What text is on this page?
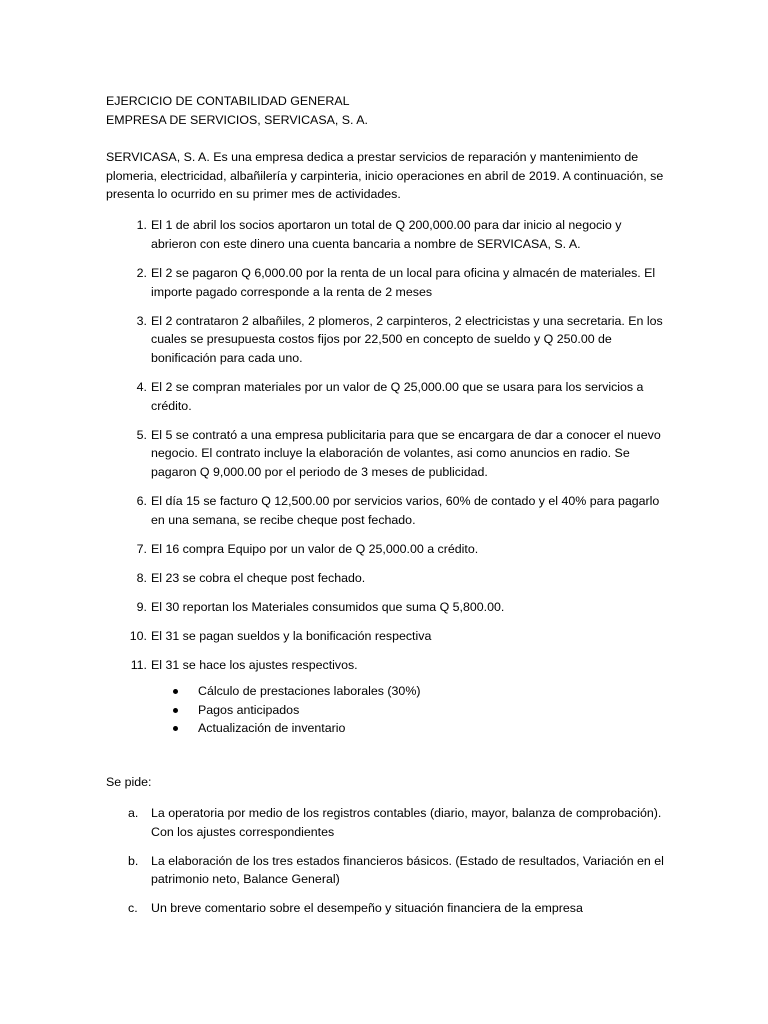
EJERCICIO DE CONTABILIDAD GENERAL

EMPRESA DE SERVICIOS, SERVICASA, S. A.

SERVICASA, S. A. Es una empresa dedica a prestar servicios de reparación y mantenimiento de plomeria, electricidad, albañilería y carpinteria, inicio operaciones en abril de 2019. A continuación, se presenta lo ocurrido en su primer mes de actividades.

1. El 1 de abril los socios aportaron un total de Q 200,000.00 para dar inicio al negocio y abrieron con este dinero una cuenta bancaria a nombre de SERVICASA, S. A.
2. El 2 se pagaron Q 6,000.00 por la renta de un local para oficina y almacén de materiales. El importe pagado corresponde a la renta de 2 meses
3. El 2 contrataron 2 albañiles, 2 plomeros, 2 carpinteros, 2 electricistas y una secretaria. En los cuales se presupuesta costos fijos por 22,500 en concepto de sueldo y Q 250.00 de bonificación para cada uno.
4. El 2 se compran materiales por un valor de Q 25,000.00 que se usara para los servicios a crédito.
5. El 5 se contrató a una empresa publicitaria para que se encargara de dar a conocer el nuevo negocio. El contrato incluye la elaboración de volantes, asi como anuncios en radio. Se pagaron Q 9,000.00 por el periodo de 3 meses de publicidad.
6. El día 15 se facturo Q 12,500.00 por servicios varios, 60% de contado y el 40% para pagarlo en una semana, se recibe cheque post fechado.
7. El 16 compra Equipo por un valor de Q 25,000.00 a crédito.
8. El 23 se cobra el cheque post fechado.
9. El 30 reportan los Materiales consumidos que suma Q 5,800.00.
10. El 31 se pagan sueldos y la bonificación respectiva
11. El 31 se hace los ajustes respectivos.
Cálculo de prestaciones laborales (30%)
Pagos anticipados
Actualización de inventario

Se pide:

a. La operatoria por medio de los registros contables (diario, mayor, balanza de comprobación). Con los ajustes correspondientes
b. La elaboración de los tres estados financieros básicos. (Estado de resultados, Variación en el patrimonio neto, Balance General)
c. Un breve comentario sobre el desempeño y situación financiera de la empresa
